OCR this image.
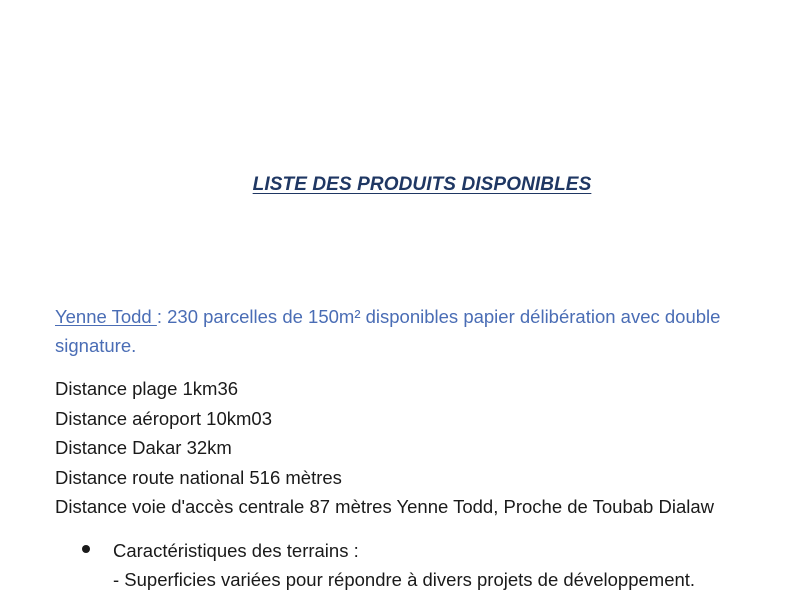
LISTE DES PRODUITS DISPONIBLES
Yenne Todd : 230 parcelles de 150m² disponibles papier délibération avec double signature.
Distance plage 1km36
Distance aéroport 10km03
Distance Dakar 32km
Distance route national 516 mètres
Distance voie d'accès centrale 87 mètres Yenne Todd, Proche de Toubab Dialaw
Caractéristiques des terrains :
- Superficies variées pour répondre à divers projets de développement.
